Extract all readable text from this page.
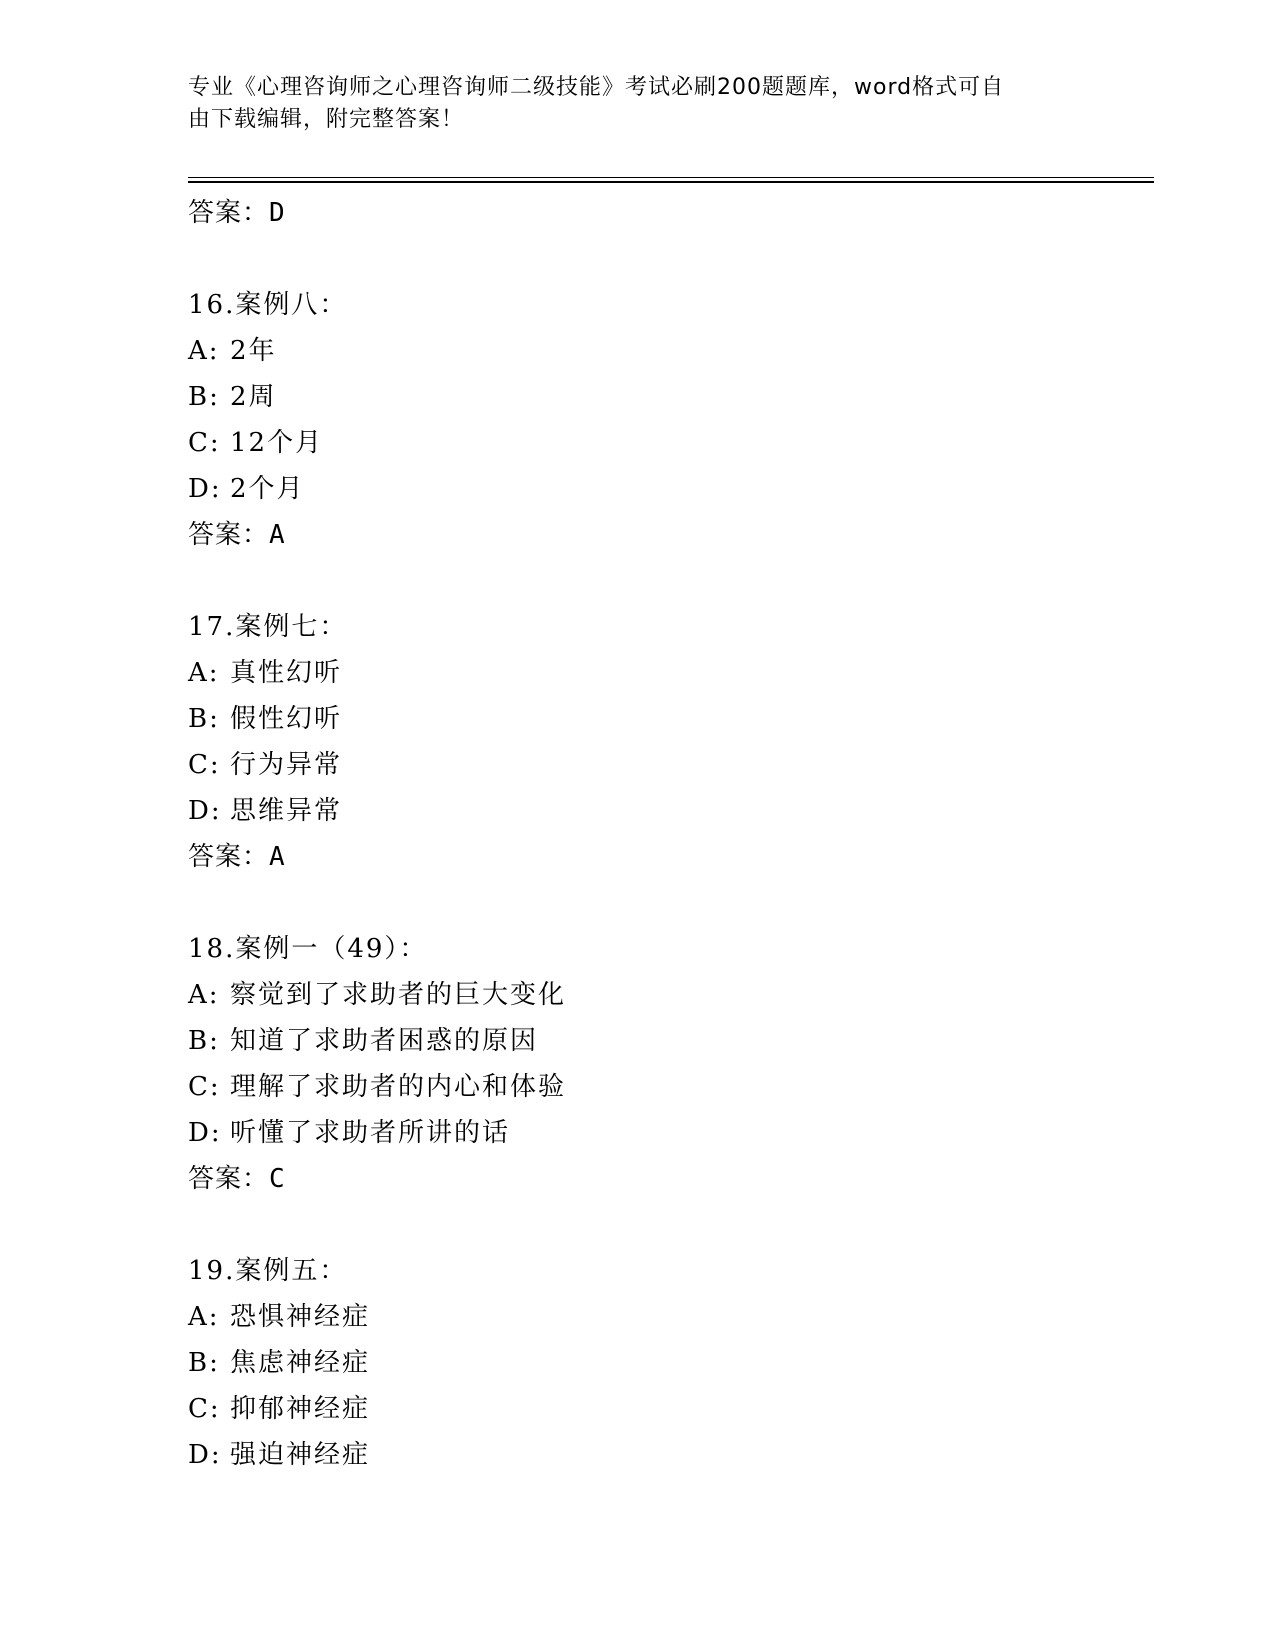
专业《心理咨询师之心理咨询师二级技能》考试必刷200题题库，word格式可自
由下载编辑，附完整答案！
答案：D
16.案例八：
A: 2年
B: 2周
C: 12个月
D: 2个月
答案：A
17.案例七：
A: 真性幻听
B: 假性幻听
C: 行为异常
D: 思维异常
答案：A
18.案例一（49）：
A: 察觉到了求助者的巨大变化
B: 知道了求助者困惑的原因
C: 理解了求助者的内心和体验
D: 听懂了求助者所讲的话
答案：C
19.案例五：
A: 恐惧神经症
B: 焦虑神经症
C: 抑郁神经症
D: 强迫神经症
